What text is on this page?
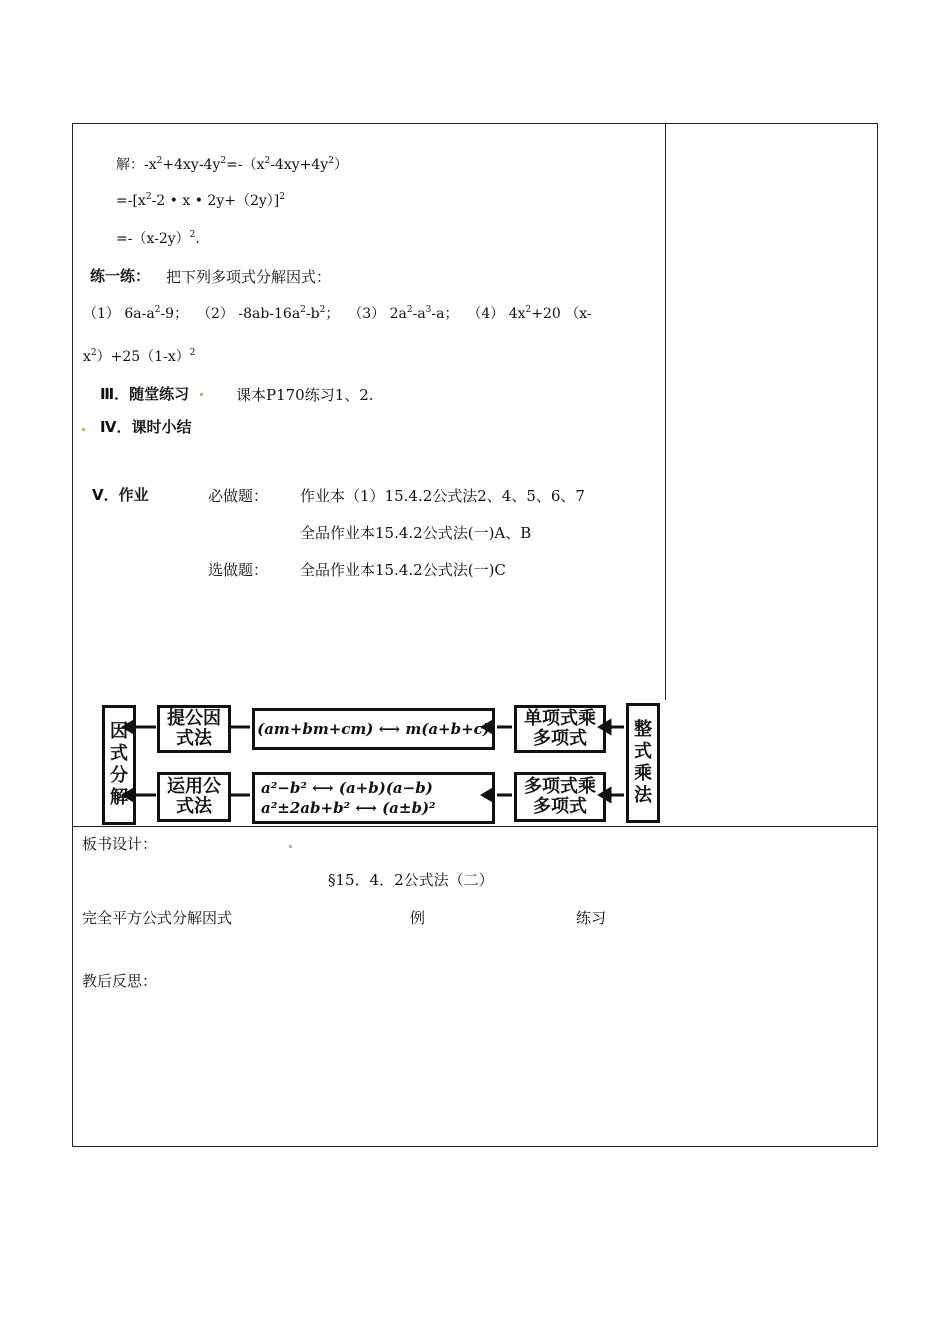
解：$-x^2+4xy-4y^2=-(x^2-4xy+4y^2)$
$=-[x^2-2$ • x • 2y+（2y）]$^2$
$=-(x-2y)^2$.
练一练： 把下列多项式分解因式：
（1） $6a-a^2-9$；  （2） $-8ab-16a^2-b^2$；  （3） $2a^2-a^3-a$；  （4） $4x^2+20$ （x-
$x^2)+25(1-x)^2$
Ⅲ．随堂练习	课本P170练习1、2.
Ⅳ．课时小结
Ⅴ．作业	必做题： 作业本（1）15.4.2公式法2、4、5、6、7
全品作业本15.4.2公式法(一)A、B
选做题： 全品作业本15.4.2公式法(一)C
因
式
分
解
提公因
式法	(am+bm+cm) ⟷ m(a+b+c) 单项式乘
多项式	整
式
乘
法
运用公
式法
a²−b² ⟷ (a+b)(a−b)
a²±2ab+b² ⟷ (a±b)²
多项式乘
多项式
板书设计：
§15．4．2公式法（二）
完全平方公式分解因式	例	练习
教后反思：
